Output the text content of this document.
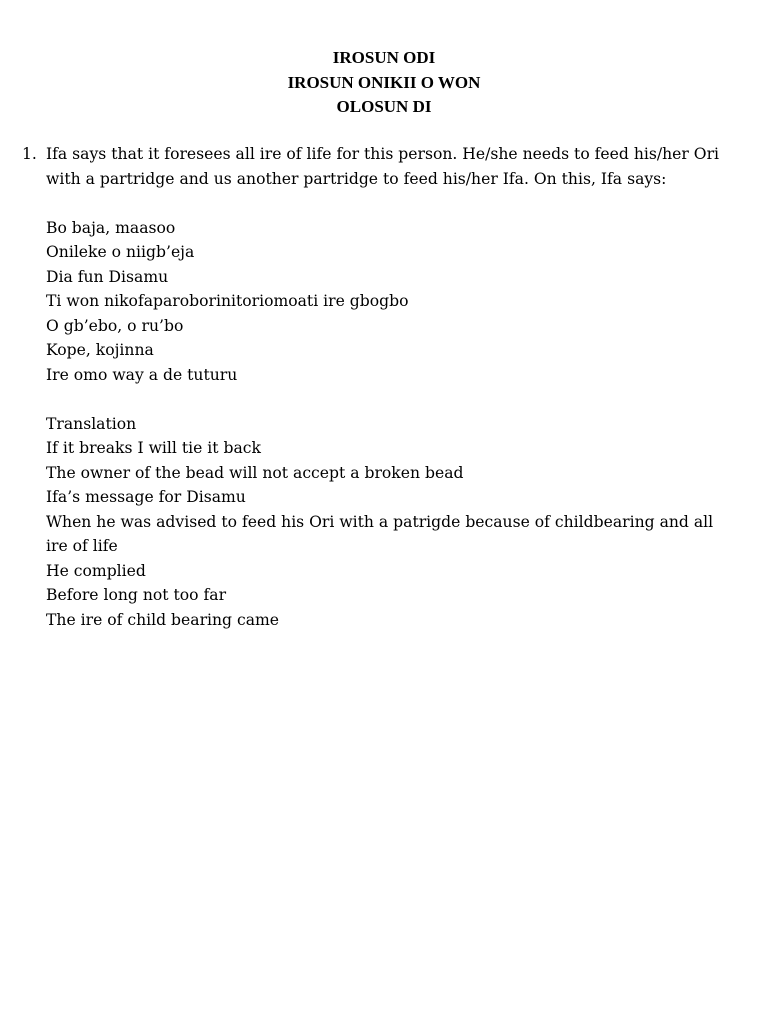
IROSUN ODI
IROSUN ONIKII O WON
OLOSUN DI
1. Ifa says that it foresees all ire of life for this person. He/she needs to feed his/her Ori with a partridge and us another partridge to feed his/her Ifa. On this, Ifa says:

Bo baja, maasoo
Onileke o niigb’eja
Dia fun Disamu
Ti won nikofaparoborinitoriomoati ire gbogbo
O gb’ebo, o ru’bo
Kope, kojinna
Ire omo way a de tuturu
Translation
If it breaks I will tie it back
The owner of the bead will not accept a broken bead
Ifa’s message for Disamu
When he was advised to feed his Ori with a patrigde because of childbearing and all ire of life
He complied
Before long not too far
The ire of child bearing came
